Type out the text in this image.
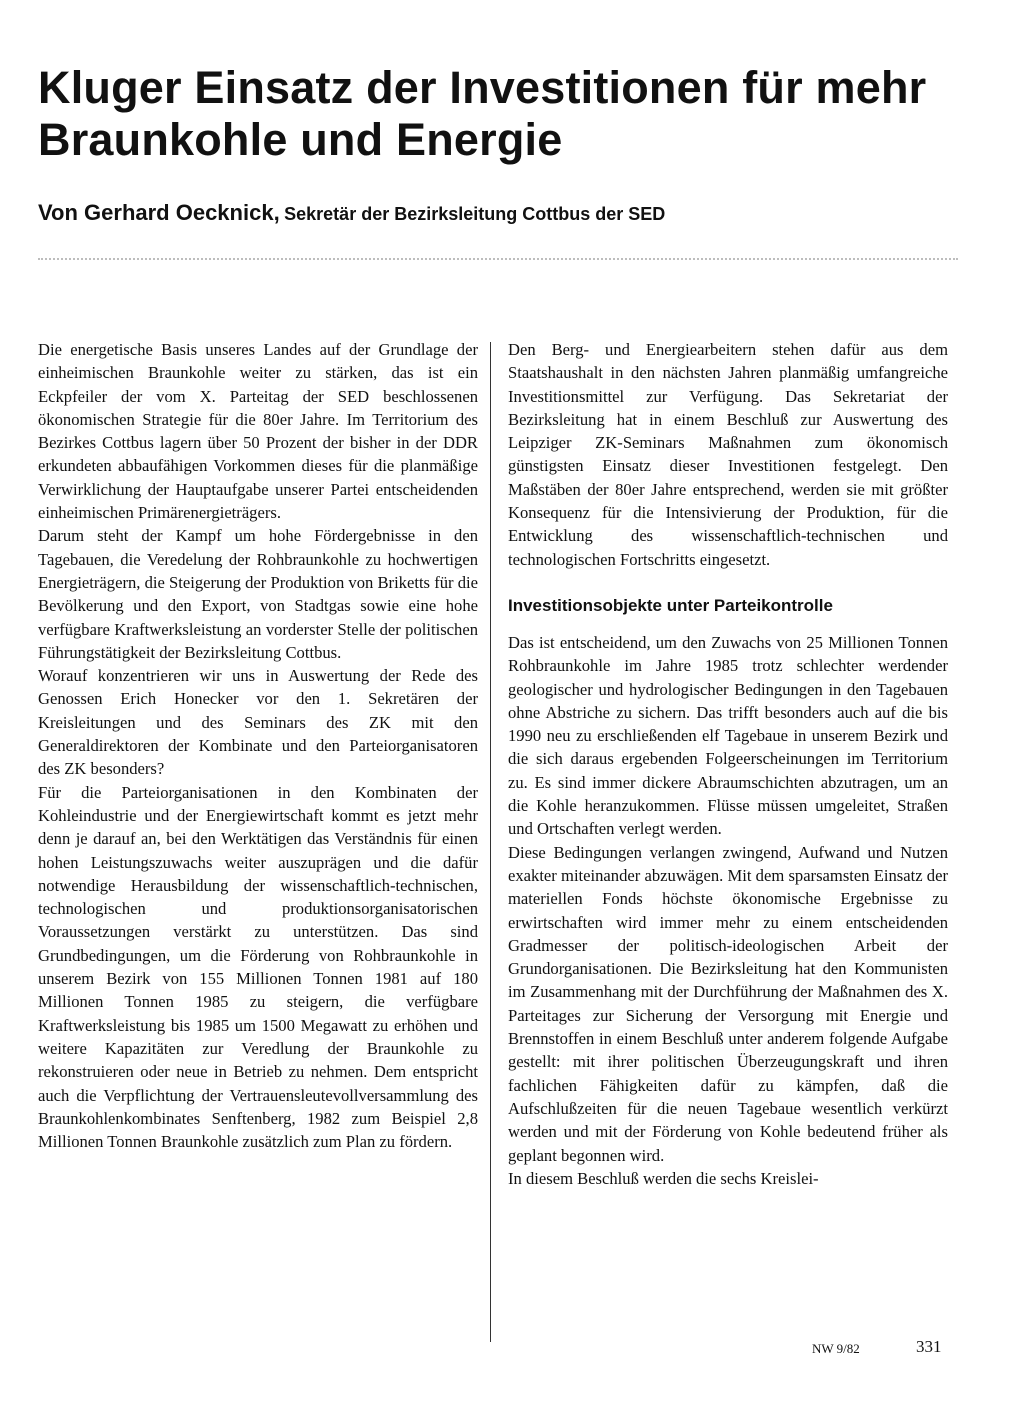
Kluger Einsatz der Investitionen für mehr Braunkohle und Energie
Von Gerhard Oecknick, Sekretär der Bezirksleitung Cottbus der SED

Die energetische Basis unseres Landes auf der Grundlage der einheimischen Braunkohle weiter zu stärken, das ist ein Eckpfeiler der vom X. Parteitag der SED beschlossenen ökonomischen Strategie für die 80er Jahre. Im Territorium des Bezirkes Cottbus lagern über 50 Prozent der bisher in der DDR erkundeten abbaufähigen Vorkommen dieses für die planmäßige Verwirklichung der Hauptaufgabe unserer Partei entscheidenden einheimischen Primärenergieträgers.

Darum steht der Kampf um hohe Fördergebnisse in den Tagebauen, die Veredelung der Rohbraunkohle zu hochwertigen Energieträgern, die Steigerung der Produktion von Briketts für die Bevölkerung und den Export, von Stadtgas sowie eine hohe verfügbare Kraftwerksleistung an vorderster Stelle der politischen Führungstätigkeit der Bezirksleitung Cottbus.

Worauf konzentrieren wir uns in Auswertung der Rede des Genossen Erich Honecker vor den 1. Sekretären der Kreisleitungen und des Seminars des ZK mit den Generaldirektoren der Kombinate und den Parteiorganisatoren des ZK besonders?

Für die Parteiorganisationen in den Kombinaten der Kohleindustrie und der Energiewirtschaft kommt es jetzt mehr denn je darauf an, bei den Werktätigen das Verständnis für einen hohen Leistungszuwachs weiter auszuprägen und die dafür notwendige Herausbildung der wissenschaftlich-technischen, technologischen und produktionsorganisatorischen Voraussetzungen verstärkt zu unterstützen. Das sind Grundbedingungen, um die Förderung von Rohbraunkohle in unserem Bezirk von 155 Millionen Tonnen 1981 auf 180 Millionen Tonnen 1985 zu steigern, die verfügbare Kraftwerksleistung bis 1985 um 1500 Megawatt zu erhöhen und weitere Kapazitäten zur Veredlung der Braunkohle zu rekonstruieren oder neue in Betrieb zu nehmen. Dem entspricht auch die Verpflichtung der Vertrauensleutevollversammlung des Braunkohlenkombinates Senftenberg, 1982 zum Beispiel 2,8 Millionen Tonnen Braunkohle zusätzlich zum Plan zu fördern.

Den Berg- und Energiearbeitern stehen dafür aus dem Staatshaushalt in den nächsten Jahren planmäßig umfangreiche Investitionsmittel zur Verfügung. Das Sekretariat der Bezirksleitung hat in einem Beschluß zur Auswertung des Leipziger ZK-Seminars Maßnahmen zum ökonomisch günstigsten Einsatz dieser Investitionen festgelegt. Den Maßstäben der 80er Jahre entsprechend, werden sie mit größter Konsequenz für die Intensivierung der Produktion, für die Entwicklung des wissenschaftlich-technischen und technologischen Fortschritts eingesetzt.

Investitionsobjekte unter Parteikontrolle

Das ist entscheidend, um den Zuwachs von 25 Millionen Tonnen Rohbraunkohle im Jahre 1985 trotz schlechter werdender geologischer und hydrologischer Bedingungen in den Tagebauen ohne Abstriche zu sichern. Das trifft besonders auch auf die bis 1990 neu zu erschließenden elf Tagebaue in unserem Bezirk und die sich daraus ergebenden Folgeerscheinungen im Territorium zu. Es sind immer dickere Abraumschichten abzutragen, um an die Kohle heranzukommen. Flüsse müssen umgeleitet, Straßen und Ortschaften verlegt werden.

Diese Bedingungen verlangen zwingend, Aufwand und Nutzen exakter miteinander abzuwägen. Mit dem sparsamsten Einsatz der materiellen Fonds höchste ökonomische Ergebnisse zu erwirtschaften wird immer mehr zu einem entscheidenden Gradmesser der politisch-ideologischen Arbeit der Grundorganisationen. Die Bezirksleitung hat den Kommunisten im Zusammenhang mit der Durchführung der Maßnahmen des X. Parteitages zur Sicherung der Versorgung mit Energie und Brennstoffen in einem Beschluß unter anderem folgende Aufgabe gestellt: mit ihrer politischen Überzeugungskraft und ihren fachlichen Fähigkeiten dafür zu kämpfen, daß die Aufschlußzeiten für die neuen Tagebaue wesentlich verkürzt werden und mit der Förderung von Kohle bedeutend früher als geplant begonnen wird.

In diesem Beschluß werden die sechs Kreislei-

NW 9/82	331
